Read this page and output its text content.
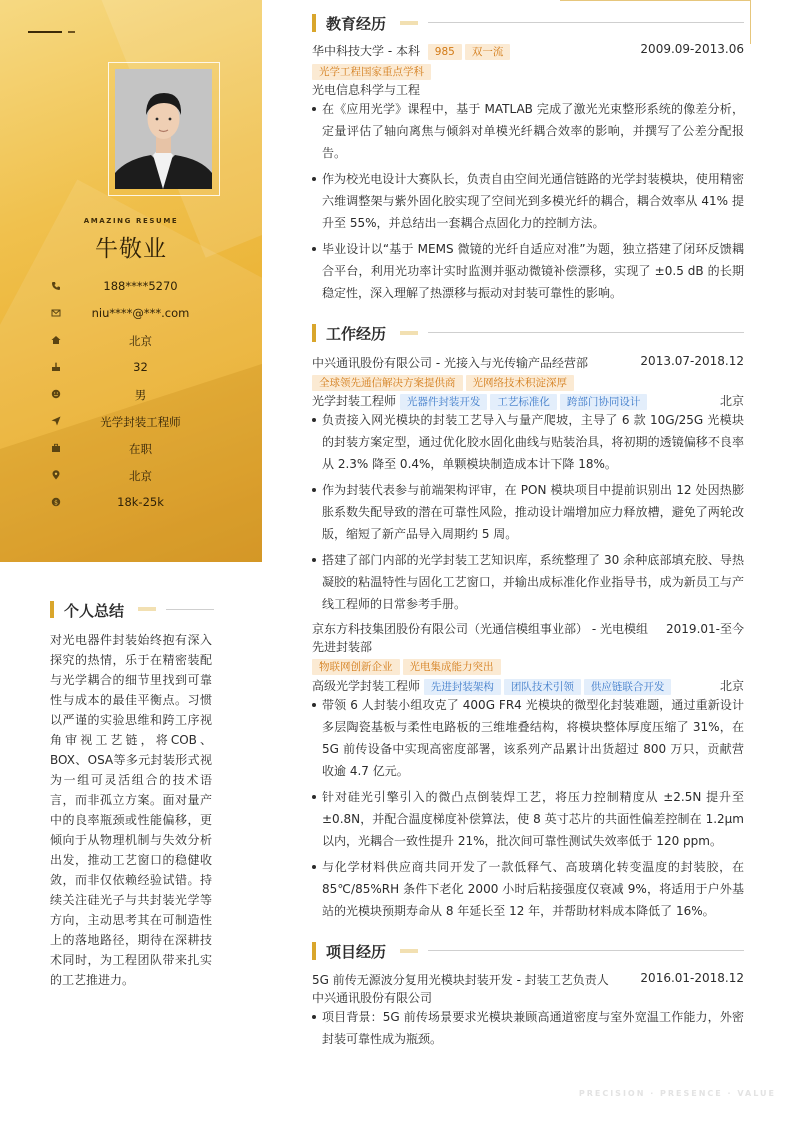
AMAZING RESUME
牛敬业
188****5270
niu****@***.com
北京
32
男
光学封装工程师
在职
北京
$	18k-25k
个人总结
对光电器件封装始终抱有深入探究的热情，乐于在精密装配与光学耦合的细节里找到可靠性与成本的最佳平衡点。习惯以严谨的实验思维和跨工序视角审视工艺链，将COB、BOX、OSA等多元封装形式视为一组可灵活组合的技术语言，而非孤立方案。面对量产中的良率瓶颈或性能偏移，更倾向于从物理机制与失效分析出发，推动工艺窗口的稳健收敛，而非仅依赖经验试错。持续关注硅光子与共封装光学等方向，主动思考其在可制造性上的落地路径，期待在深耕技术同时，为工程团队带来扎实的工艺推进力。
教育经历
华中科技大学 - 本科 985 双一流	2009.09-2013.06
光学工程国家重点学科
光电信息科学与工程
在《应用光学》课程中，基于 MATLAB 完成了激光光束整形系统的像差分析，定量评估了轴向离焦与倾斜对单模光纤耦合效率的影响，并撰写了公差分配报告。
作为校光电设计大赛队长，负责自由空间光通信链路的光学封装模块，使用精密六维调整架与紫外固化胶实现了空间光到多模光纤的耦合，耦合效率从 41% 提升至 55%，并总结出一套耦合点固化力的控制方法。
毕业设计以“基于 MEMS 微镜的光纤自适应对准”为题，独立搭建了闭环反馈耦合平台，利用光功率计实时监测并驱动微镜补偿漂移，实现了 ±0.5 dB 的长期稳定性，深入理解了热漂移与振动对封装可靠性的影响。
工作经历
中兴通讯股份有限公司 - 光接入与光传输产品经营部	2013.07-2018.12
全球领先通信解决方案提供商 光网络技术积淀深厚
光学封装工程师 光器件封装开发 工艺标准化 跨部门协同设计	北京
负责接入网光模块的封装工艺导入与量产爬坡，主导了 6 款 10G/25G 光模块的封装方案定型，通过优化胶水固化曲线与贴装治具，将初期的透镜偏移不良率从 2.3% 降至 0.4%，单颗模块制造成本计下降 18%。
作为封装代表参与前端架构评审，在 PON 模块项目中提前识别出 12 处因热膨胀系数失配导致的潜在可靠性风险，推动设计端增加应力释放槽，避免了两轮改版，缩短了新产品导入周期约 5 周。
搭建了部门内部的光学封装工艺知识库，系统整理了 30 余种底部填充胶、导热凝胶的粘温特性与固化工艺窗口，并输出成标准化作业指导书，成为新员工与产线工程师的日常参考手册。
京东方科技集团股份有限公司（光通信模组事业部） - 光电模组先进封装部
2019.01-至今
物联网创新企业 光电集成能力突出
高级光学封装工程师 先进封装架构 团队技术引领 供应链联合开发	北京
带领 6 人封装小组攻克了 400G FR4 光模块的微型化封装难题，通过重新设计多层陶瓷基板与柔性电路板的三维堆叠结构，将模块整体厚度压缩了 31%，在 5G 前传设备中实现高密度部署，该系列产品累计出货超过 800 万只，贡献营收逾 4.7 亿元。
针对硅光引擎引入的微凸点倒装焊工艺，将压力控制精度从 ±2.5N 提升至 ±0.8N，并配合温度梯度补偿算法，使 8 英寸芯片的共面性偏差控制在 1.2μm 以内，光耦合一致性提升 21%，批次间可靠性测试失效率低于 120 ppm。
与化学材料供应商共同开发了一款低释气、高玻璃化转变温度的封装胶，在 85℃/85%RH 条件下老化 2000 小时后粘接强度仅衰减 9%，将适用于户外基站的光模块预期寿命从 8 年延长至 12 年，并帮助材料成本降低了 16%。
项目经历
5G 前传无源波分复用光模块封装开发 - 封装工艺负责人	2016.01-2018.12
中兴通讯股份有限公司
项目背景：5G 前传场景要求光模块兼顾高通道密度与室外宽温工作能力，外密封装可靠性成为瓶颈。
PRECISION · PRESENCE · VALUE
